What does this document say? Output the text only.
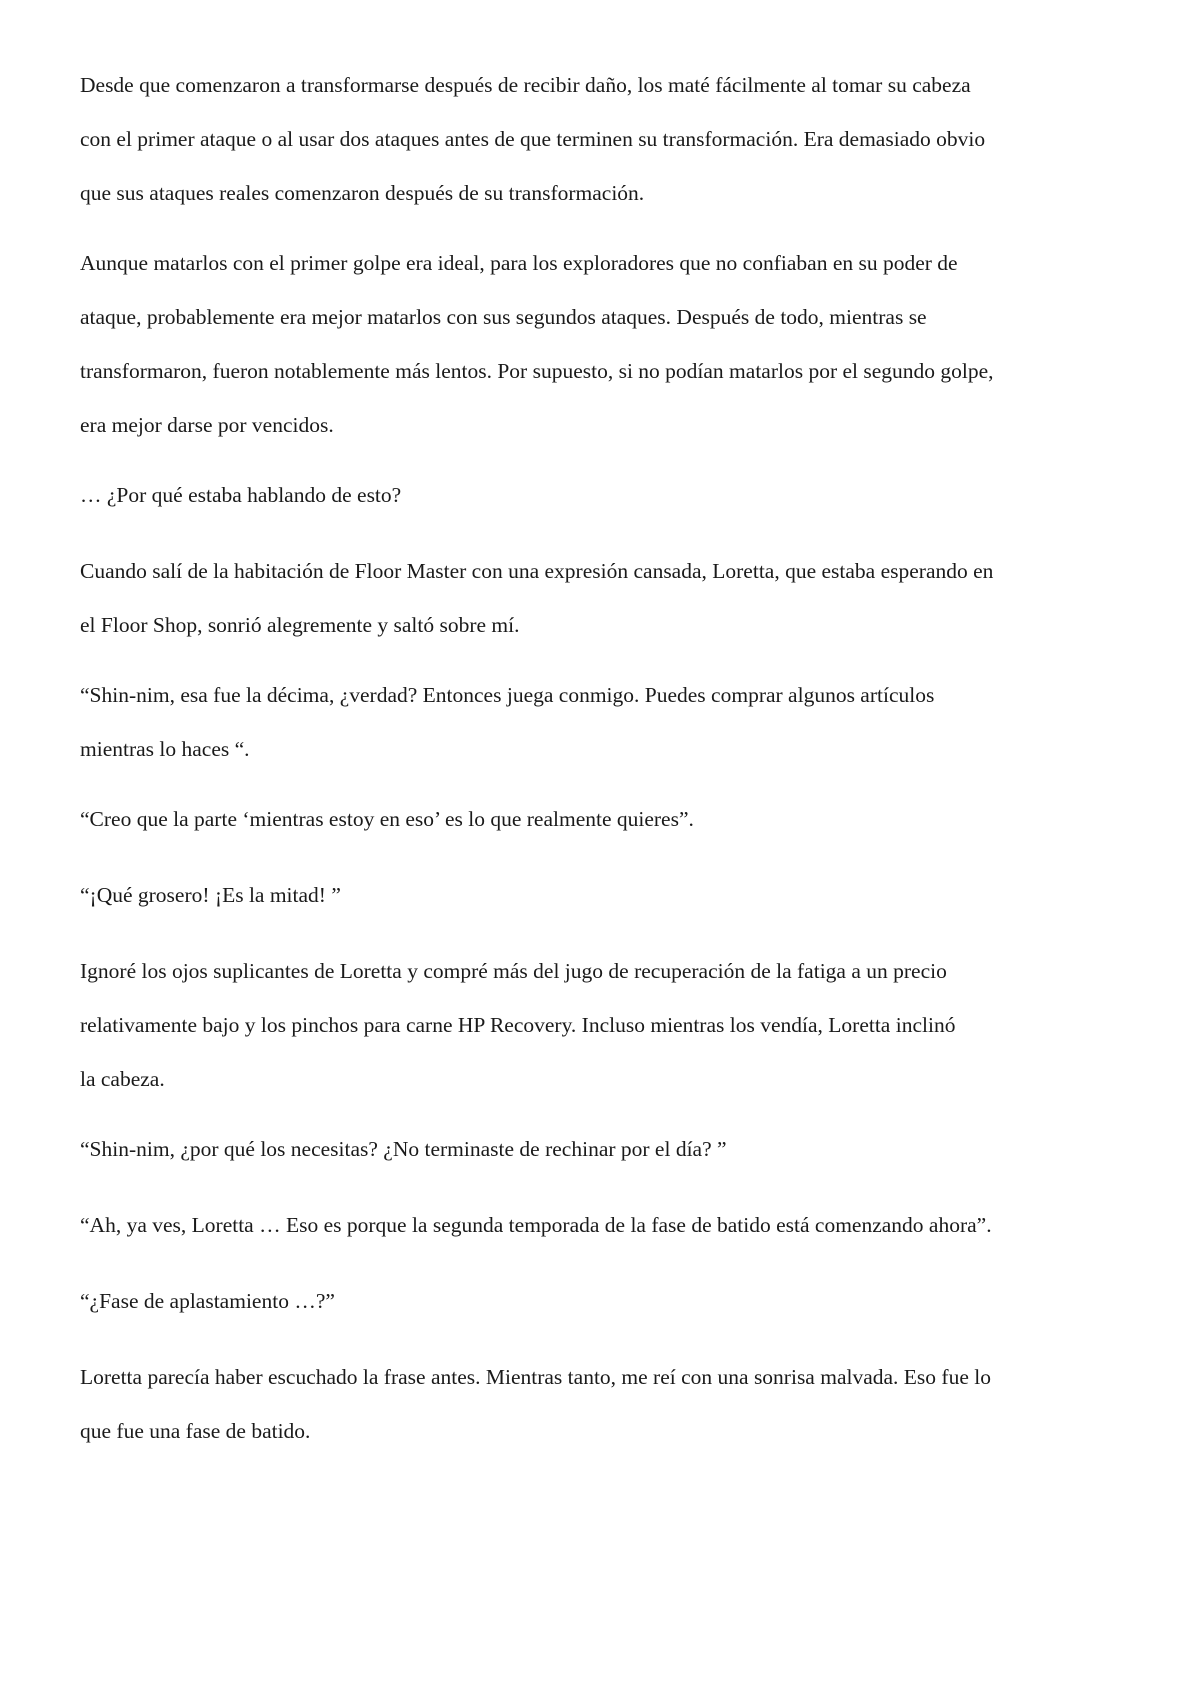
Desde que comenzaron a transformarse después de recibir daño, los maté fácilmente al tomar su cabeza
con el primer ataque o al usar dos ataques antes de que terminen su transformación. Era demasiado obvio
que sus ataques reales comenzaron después de su transformación.

Aunque matarlos con el primer golpe era ideal, para los exploradores que no confiaban en su poder de
ataque, probablemente era mejor matarlos con sus segundos ataques. Después de todo, mientras se
transformaron, fueron notablemente más lentos. Por supuesto, si no podían matarlos por el segundo golpe,
era mejor darse por vencidos.

… ¿Por qué estaba hablando de esto?

Cuando salí de la habitación de Floor Master con una expresión cansada, Loretta, que estaba esperando en
el Floor Shop, sonrió alegremente y saltó sobre mí.

“Shin-nim, esa fue la décima, ¿verdad? Entonces juega conmigo. Puedes comprar algunos artículos
mientras lo haces “.

“Creo que la parte ‘mientras estoy en eso’ es lo que realmente quieres”.

“¡Qué grosero! ¡Es la mitad! ”

Ignoré los ojos suplicantes de Loretta y compré más del jugo de recuperación de la fatiga a un precio
relativamente bajo y los pinchos para carne HP Recovery. Incluso mientras los vendía, Loretta inclinó
la cabeza.

“Shin-nim, ¿por qué los necesitas? ¿No terminaste de rechinar por el día? ”

“Ah, ya ves, Loretta … Eso es porque la segunda temporada de la fase de batido está comenzando ahora”.

“¿Fase de aplastamiento …?”

Loretta parecía haber escuchado la frase antes. Mientras tanto, me reí con una sonrisa malvada. Eso fue lo
que fue una fase de batido.
